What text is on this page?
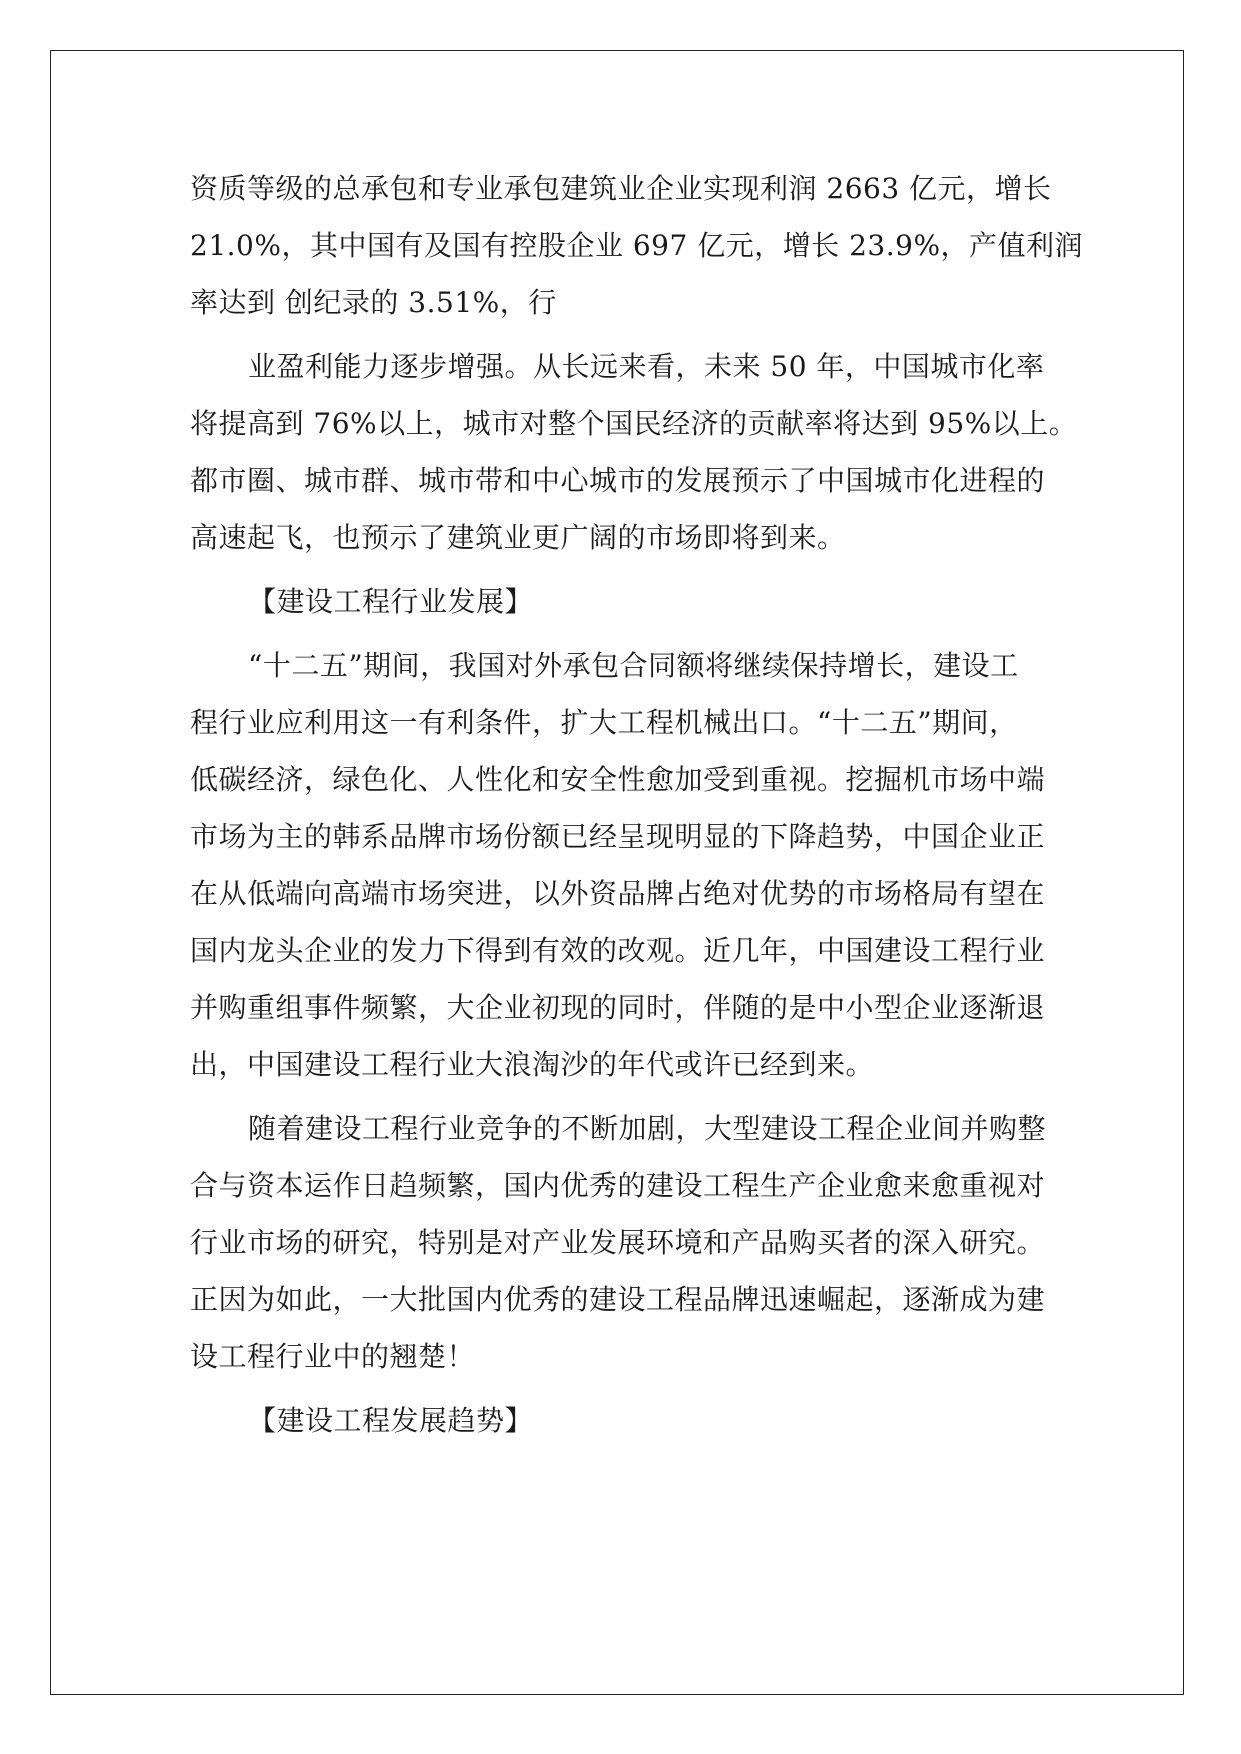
资质等级的总承包和专业承包建筑业企业实现利润 2663 亿元，增长
21.0%，其中国有及国有控股企业 697 亿元，增长 23.9%，产值利润
率达到 创纪录的 3.51%，行
业盈利能力逐步增强。从长远来看，未来 50 年，中国城市化率
将提高到 76%以上，城市对整个国民经济的贡献率将达到 95%以上。
都市圈、城市群、城市带和中心城市的发展预示了中国城市化进程的
高速起飞，也预示了建筑业更广阔的市场即将到来。
【建设工程行业发展】
“十二五”期间，我国对外承包合同额将继续保持增长，建设工
程行业应利用这一有利条件，扩大工程机械出口。“十二五”期间，
低碳经济，绿色化、人性化和安全性愈加受到重视。挖掘机市场中端
市场为主的韩系品牌市场份额已经呈现明显的下降趋势，中国企业正
在从低端向高端市场突进，以外资品牌占绝对优势的市场格局有望在
国内龙头企业的发力下得到有效的改观。近几年，中国建设工程行业
并购重组事件频繁，大企业初现的同时，伴随的是中小型企业逐渐退
出，中国建设工程行业大浪淘沙的年代或许已经到来。
随着建设工程行业竞争的不断加剧，大型建设工程企业间并购整
合与资本运作日趋频繁，国内优秀的建设工程生产企业愈来愈重视对
行业市场的研究，特别是对产业发展环境和产品购买者的深入研究。
正因为如此，一大批国内优秀的建设工程品牌迅速崛起，逐渐成为建
设工程行业中的翘楚！
【建设工程发展趋势】
